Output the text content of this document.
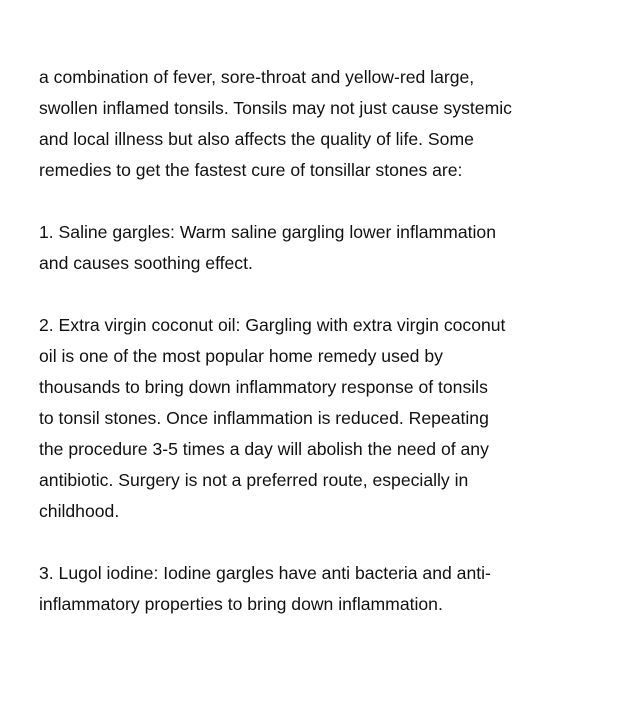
a combination of fever, sore-throat and yellow-red large,
swollen inflamed tonsils. Tonsils may not just cause systemic
and local illness but also affects the quality of life. Some
remedies to get the fastest cure of tonsillar stones are:
1. Saline gargles: Warm saline gargling lower inflammation
and causes soothing effect.
2. Extra virgin coconut oil: Gargling with extra virgin coconut
oil is one of the most popular home remedy used by
thousands to bring down inflammatory response of tonsils
to tonsil stones. Once inflammation is reduced. Repeating
the procedure 3-5 times a day will abolish the need of any
antibiotic. Surgery is not a preferred route, especially in
childhood.
3. Lugol iodine: Iodine gargles have anti bacteria and anti-
inflammatory properties to bring down inflammation.
